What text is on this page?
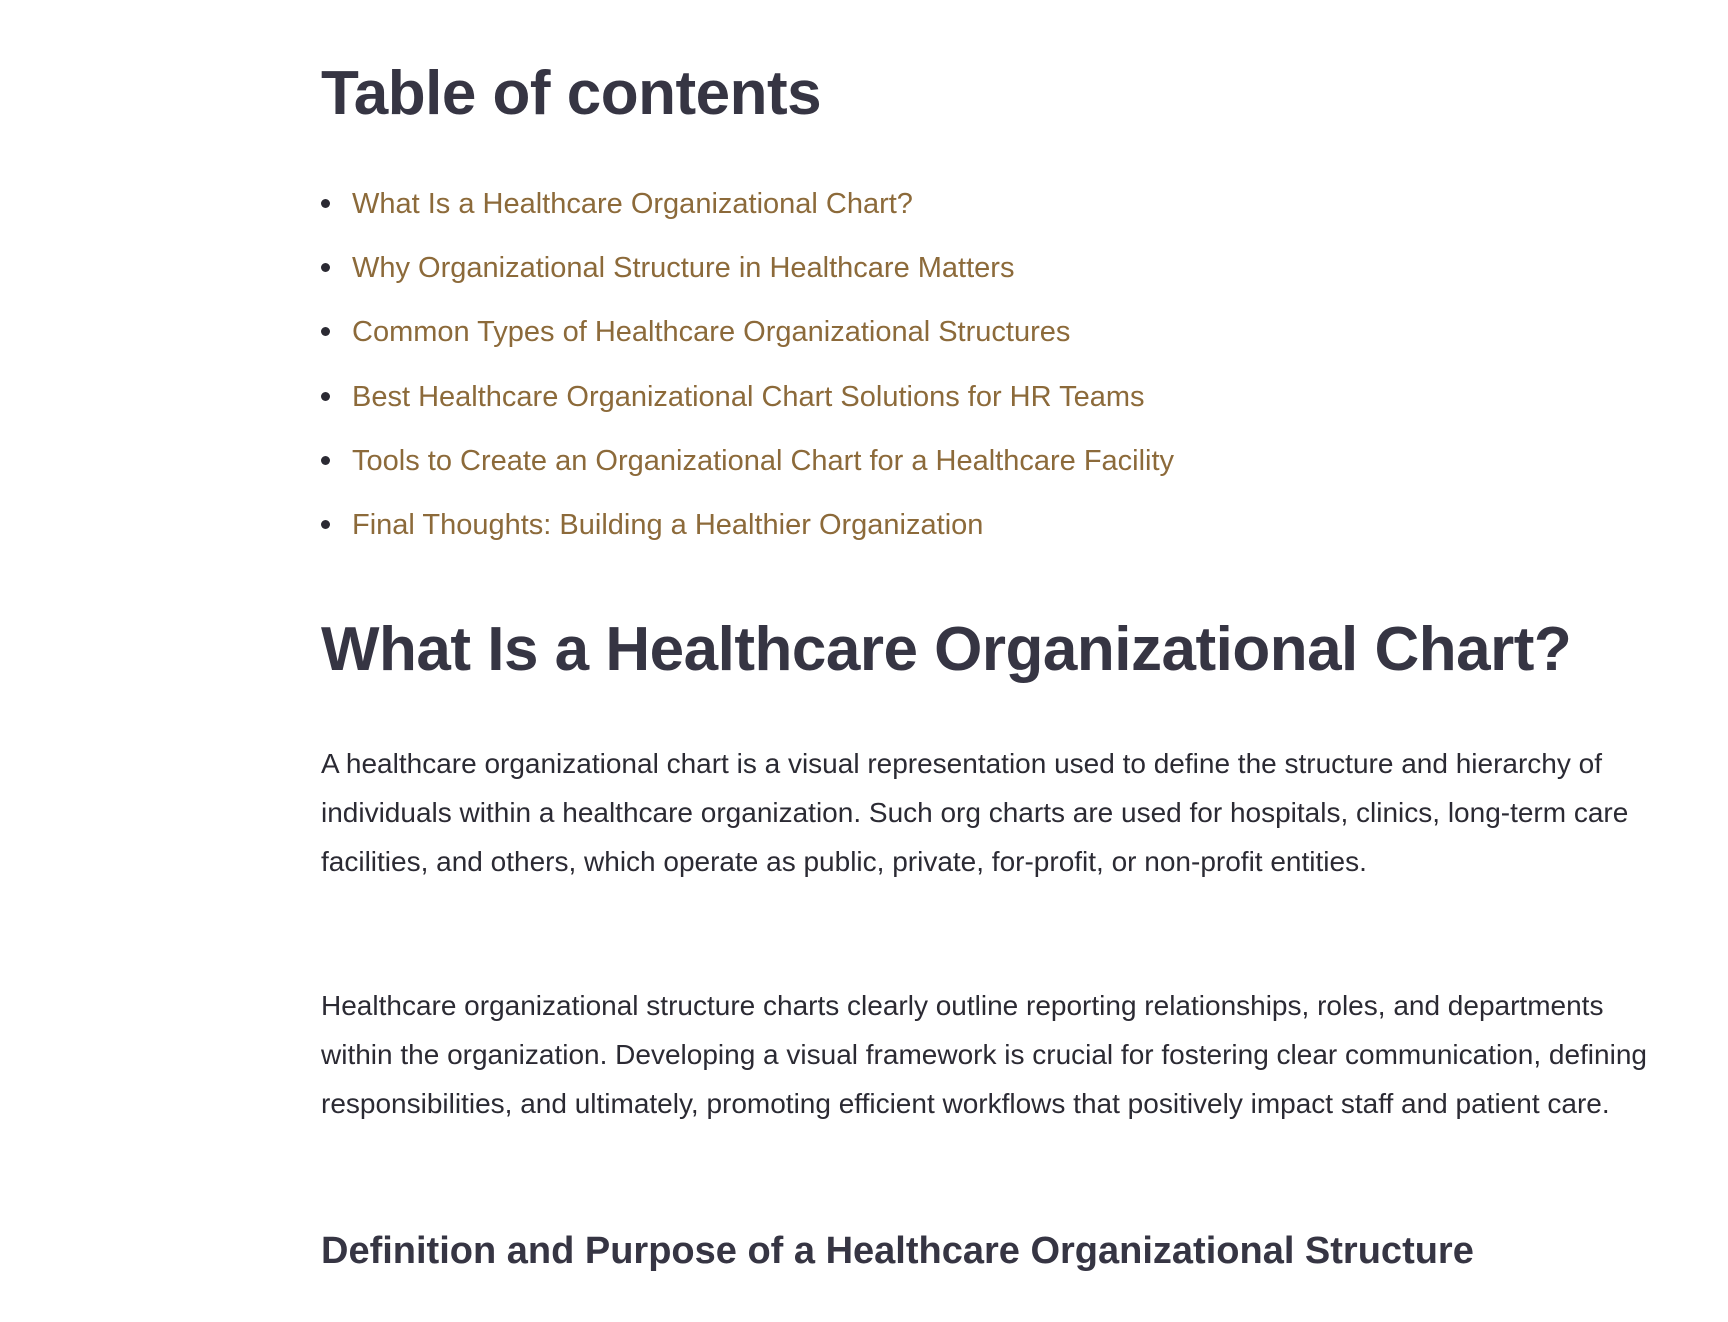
Table of contents
What Is a Healthcare Organizational Chart?
Why Organizational Structure in Healthcare Matters
Common Types of Healthcare Organizational Structures
Best Healthcare Organizational Chart Solutions for HR Teams
Tools to Create an Organizational Chart for a Healthcare Facility
Final Thoughts: Building a Healthier Organization
What Is a Healthcare Organizational Chart?

A healthcare organizational chart is a visual representation used to define the structure and hierarchy of individuals within a healthcare organization. Such org charts are used for hospitals, clinics, long-term care facilities, and others, which operate as public, private, for-profit, or non-profit entities.

Healthcare organizational structure charts clearly outline reporting relationships, roles, and departments within the organization. Developing a visual framework is crucial for fostering clear communication, defining responsibilities, and ultimately, promoting efficient workflows that positively impact staff and patient care.

Definition and Purpose of a Healthcare Organizational Structure
